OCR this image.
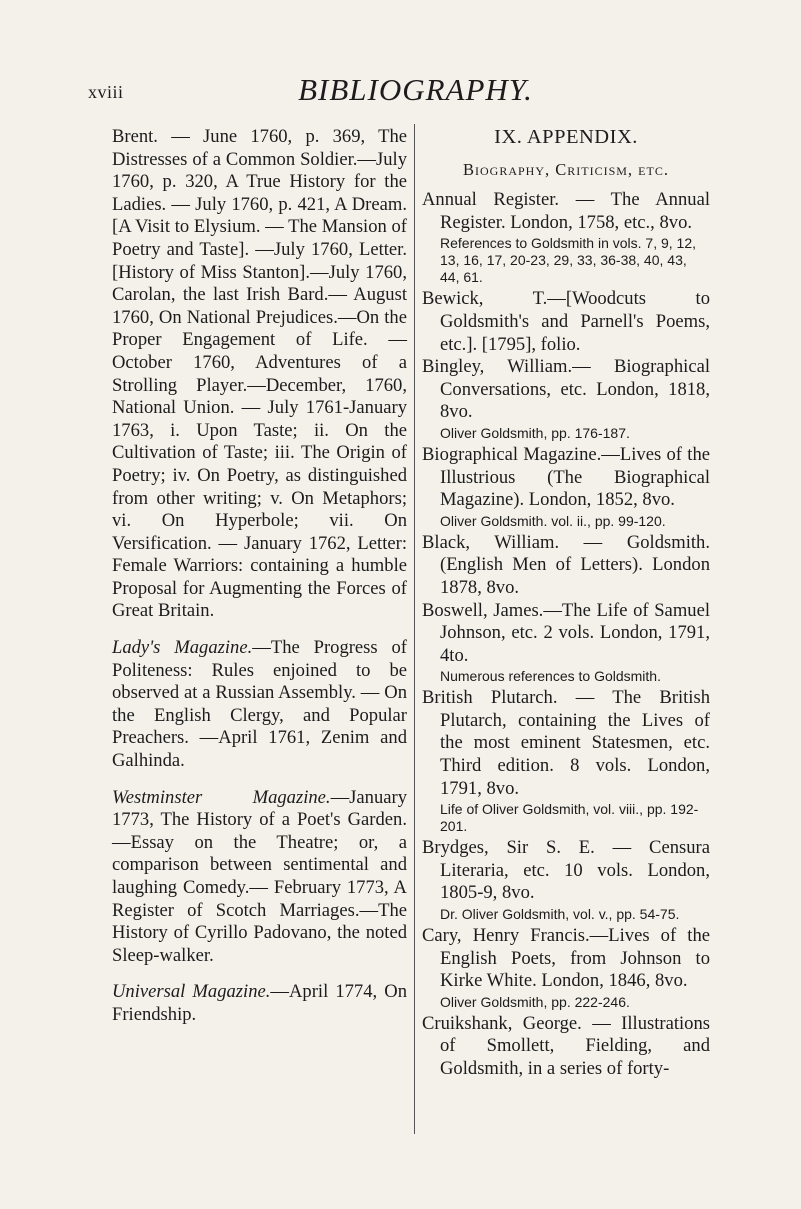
xviii	BIBLIOGRAPHY.

Brent. — June 1760, p. 369, The Distresses of a Common Soldier.—July 1760, p. 320, A True History for the Ladies. — July 1760, p. 421, A Dream. [A Visit to Elysium. — The Mansion of Poetry and Taste]. —July 1760, Letter. [History of Miss Stanton].—July 1760, Carolan, the last Irish Bard.— August 1760, On National Prejudices.—On the Proper Engagement of Life. — October 1760, Adventures of a Strolling Player.—December, 1760, National Union. — July 1761-January 1763, i. Upon Taste; ii. On the Cultivation of Taste; iii. The Origin of Poetry; iv. On Poetry, as distinguished from other writing; v. On Metaphors; vi. On Hyperbole; vii. On Versification. — January 1762, Letter: Female Warriors: containing a humble Proposal for Augmenting the Forces of Great Britain.

Lady's Magazine.—The Progress of Politeness: Rules enjoined to be observed at a Russian Assembly. — On the English Clergy, and Popular Preachers. —April 1761, Zenim and Galhinda.

Westminster Magazine.—January 1773, The History of a Poet's Garden.—Essay on the Theatre; or, a comparison between sentimental and laughing Comedy.— February 1773, A Register of Scotch Marriages.—The History of Cyrillo Padovano, the noted Sleep-walker.

Universal Magazine.—April 1774, On Friendship.

IX. APPENDIX.
Biography, Criticism, etc.

Annual Register. — The Annual Register. London, 1758, etc., 8vo.

References to Goldsmith in vols. 7, 9, 12, 13, 16, 17, 20-23, 29, 33, 36-38, 40, 43, 44, 61.

Bewick, T.—[Woodcuts to Goldsmith's and Parnell's Poems, etc.]. [1795], folio.

Bingley, William.— Biographical Conversations, etc. London, 1818, 8vo.

Oliver Goldsmith, pp. 176-187.

Biographical Magazine.—Lives of the Illustrious (The Biographical Magazine). London, 1852, 8vo.

Oliver Goldsmith. vol. ii., pp. 99-120.

Black, William. — Goldsmith. (English Men of Letters). London 1878, 8vo.

Boswell, James.—The Life of Samuel Johnson, etc. 2 vols. London, 1791, 4to.

Numerous references to Goldsmith.

British Plutarch. — The British Plutarch, containing the Lives of the most eminent Statesmen, etc. Third edition. 8 vols. London, 1791, 8vo.

Life of Oliver Goldsmith, vol. viii., pp. 192-201.

Brydges, Sir S. E. — Censura Literaria, etc. 10 vols. London, 1805-9, 8vo.

Dr. Oliver Goldsmith, vol. v., pp. 54-75.

Cary, Henry Francis.—Lives of the English Poets, from Johnson to Kirke White. London, 1846, 8vo.

Oliver Goldsmith, pp. 222-246.

Cruikshank, George. — Illustrations of Smollett, Fielding, and Goldsmith, in a series of forty-
